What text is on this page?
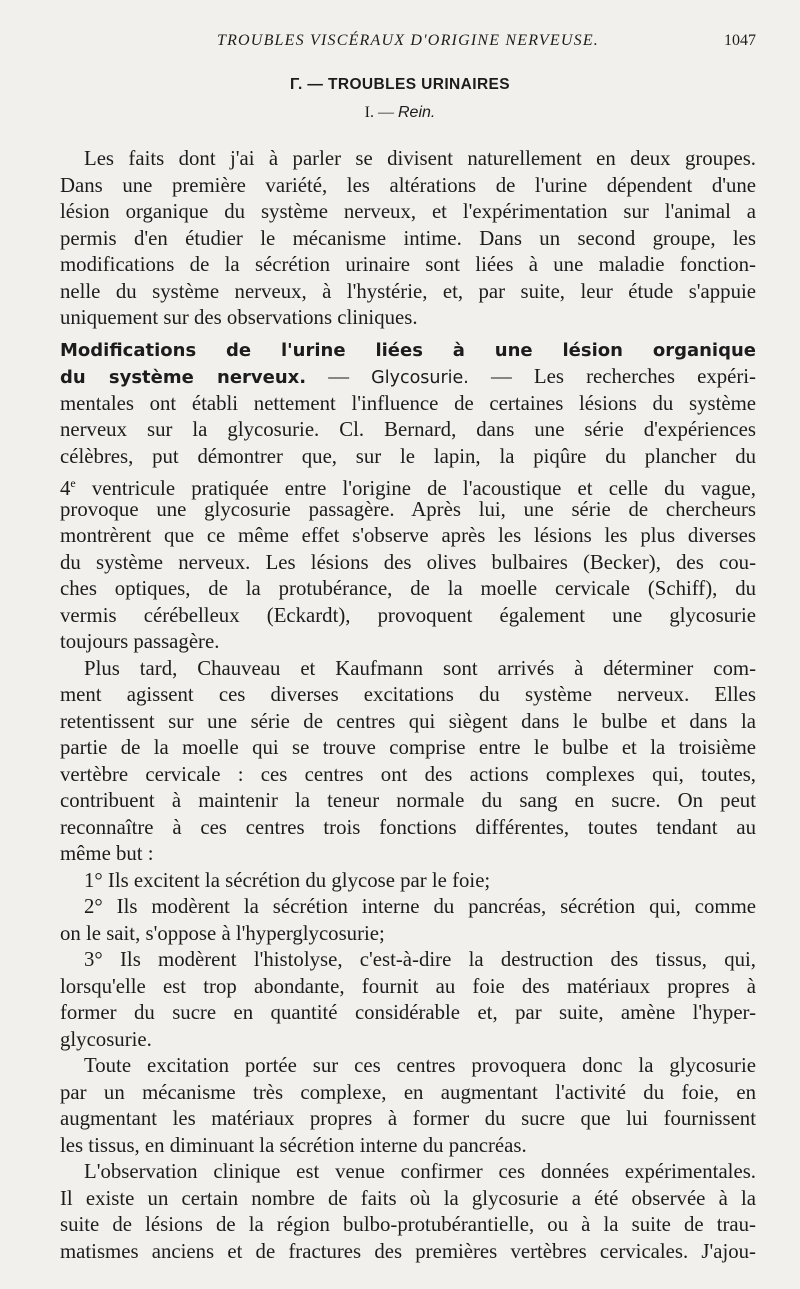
TROUBLES VISCÉRAUX D'ORIGINE NERVEUSE.	1047
Γ. — TROUBLES URINAIRES
I. — Rein.
Les faits dont j'ai à parler se divisent naturellement en deux groupes.
Dans une première variété, les altérations de l'urine dépendent d'une
lésion organique du système nerveux, et l'expérimentation sur l'animal a
permis d'en étudier le mécanisme intime. Dans un second groupe, les
modifications de la sécrétion urinaire sont liées à une maladie fonction-
nelle du système nerveux, à l'hystérie, et, par suite, leur étude s'appuie
uniquement sur des observations cliniques.
Modifications de l'urine liées à une lésion organique
du système nerveux. — Glycosurie. — Les recherches expéri-
mentales ont établi nettement l'influence de certaines lésions du système
nerveux sur la glycosurie. Cl. Bernard, dans une série d'expériences
célèbres, put démontrer que, sur le lapin, la piqûre du plancher du
4e ventricule pratiquée entre l'origine de l'acoustique et celle du vague,
provoque une glycosurie passagère. Après lui, une série de chercheurs
montrèrent que ce même effet s'observe après les lésions les plus diverses
du système nerveux. Les lésions des olives bulbaires (Becker), des cou-
ches optiques, de la protubérance, de la moelle cervicale (Schiff), du
vermis cérébelleux (Eckardt), provoquent également une glycosurie
toujours passagère.
Plus tard, Chauveau et Kaufmann sont arrivés à déterminer com-
ment agissent ces diverses excitations du système nerveux. Elles
retentissent sur une série de centres qui siègent dans le bulbe et dans la
partie de la moelle qui se trouve comprise entre le bulbe et la troisième
vertèbre cervicale : ces centres ont des actions complexes qui, toutes,
contribuent à maintenir la teneur normale du sang en sucre. On peut
reconnaître à ces centres trois fonctions différentes, toutes tendant au
même but :
1° Ils excitent la sécrétion du glycose par le foie;
2° Ils modèrent la sécrétion interne du pancréas, sécrétion qui, comme
on le sait, s'oppose à l'hyperglycosurie;
3° Ils modèrent l'histolyse, c'est-à-dire la destruction des tissus, qui,
lorsqu'elle est trop abondante, fournit au foie des matériaux propres à
former du sucre en quantité considérable et, par suite, amène l'hyper-
glycosurie.
Toute excitation portée sur ces centres provoquera donc la glycosurie
par un mécanisme très complexe, en augmentant l'activité du foie, en
augmentant les matériaux propres à former du sucre que lui fournissent
les tissus, en diminuant la sécrétion interne du pancréas.
L'observation clinique est venue confirmer ces données expérimentales.
Il existe un certain nombre de faits où la glycosurie a été observée à la
suite de lésions de la région bulbo-protubérantielle, ou à la suite de trau-
matismes anciens et de fractures des premières vertèbres cervicales. J'ajou-
